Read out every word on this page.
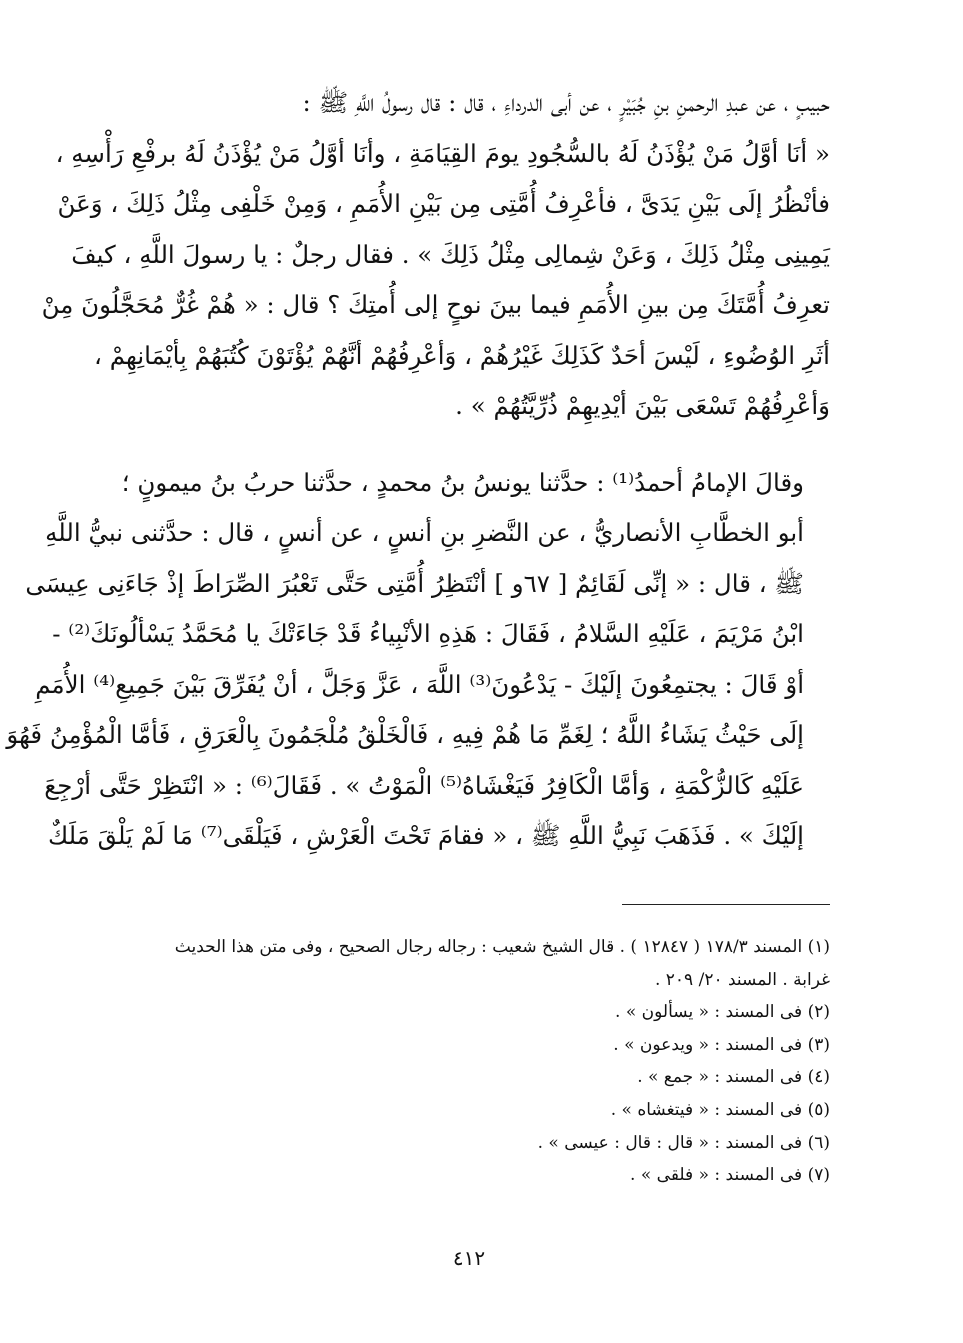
حبيبٍ ، عن عبدِ الرحمنِ بنِ جُبَيْرٍ ، عن أبى الدرداءِ ، قال : قال رسولُ اللَّهِ ﷺ :
« أنَا أوَّلُ مَنْ يُؤْذَنُ لَهُ بالسُّجُودِ يومَ القِيَامَةِ ، وأنَا أوَّلُ مَنْ يُؤْذَنُ لَهُ برفْعِ رَأْسِهِ ،
فأنْظُرُ إلَى بَيْنِ يَدَىَّ ، فأعْرِفُ أُمَّتِى مِن بَيْنِ الأُمَمِ ، وَمِنْ خَلْفِى مِثْلُ ذَلِكَ ، وَعَنْ
يَمِينِى مِثْلُ ذَلِكَ ، وَعَنْ شِمالِى مِثْلُ ذَلِكَ » . فقال رجلٌ : يا رسولَ اللَّهِ ، كيفَ
تعرِفُ أُمَّتَكَ مِن بينِ الأُمَمِ فيما بينَ نوحٍ إلى أُمتِكَ ؟ قال : « هُمْ غُرٌّ مُحَجَّلُونَ مِنْ
أثَرِ الوُضُوءِ ، لَيْسَ أحَدٌ كَذَلِكَ غَيْرُهُمْ ، وَأعْرِفُهُمْ أنَّهُمْ يُؤْتَوْنَ كُتُبَهُمْ بِأيْمَانِهِمْ ،
وَأعْرِفُهُمْ تَسْعَى بَيْنَ أيْدِيهِمْ ذُرِّيَّتُهُمْ » .

وقالَ الإمامُ أحمدُ⁽¹⁾ : حدَّثنا يونسُ بنُ محمدٍ ، حدَّثنا حربُ بنُ ميمونٍ ؛
أبو الخطَّابِ الأنصاريُّ ، عن النَّضرِ بنِ أنسٍ ، عن أنسٍ ، قال : حدَّثنى نبيُّ اللَّهِ
ﷺ ، قال : « إنِّى لَقَائِمٌ [ ٦٧و ] أنْتَظِرُ أُمَّتِى حَتَّى تَعْبُرَ الصِّرَاطَ إذْ جَاءَنِى عِيسَى
ابْنُ مَرْيَمَ ، عَلَيْهِ السَّلامُ ، فَقَالَ : هَذِهِ الأنْبِياءُ قَدْ جَاءَتْكَ يا مُحَمَّدُ يَسْألُونَكَ⁽²⁾ -
أوْ قَالَ : يجتمِعُونَ إلَيْكَ - يَدْعُونَ⁽³⁾ اللَّهَ ، عَزَّ وَجَلَّ ، أنْ يُفَرِّقَ بَيْنَ جَمِيعِ⁽⁴⁾ الأُمَمِ
إلَى حَيْثُ يَشَاءُ اللَّهُ ؛ لِغَمِّ مَا هُمْ فِيهِ ، فَالْخَلْقُ مُلْجَمُونَ بِالْعَرَقِ ، فَأمَّا الْمُؤْمِنُ فَهُوَ
عَلَيْهِ كَالزُّكْمَةِ ، وَأمَّا الْكَافِرُ فَيَغْشَاهُ⁽⁵⁾ الْمَوْتُ » . فَقَالَ⁽⁶⁾ : « انْتَظِرْ حَتَّى أرْجِعَ
إلَيْكَ » . فَذَهَبَ نَبِيُّ اللَّهِ ﷺ ، « فقامَ تَحْتَ الْعَرْشِ ، فَيَلْقَى⁽⁷⁾ مَا لَمْ يَلْقَ مَلَكٌ

(١) المسند ١٧٨/٣ ( ١٢٨٤٧ ) . قال الشيخ شعيب : رجاله رجال الصحيح ، وفى متن هذا الحديث
غرابة . المسند ٢٠/ ٢٠٩ .
(٢) فى المسند : « يسألون » .
(٣) فى المسند : « ويدعون » .
(٤) فى المسند : « جمع » .
(٥) فى المسند : « فيتغشاه » .
(٦) فى المسند : « قال : قال : عيسى » .
(٧) فى المسند : « فلقى » .
٤١٢
